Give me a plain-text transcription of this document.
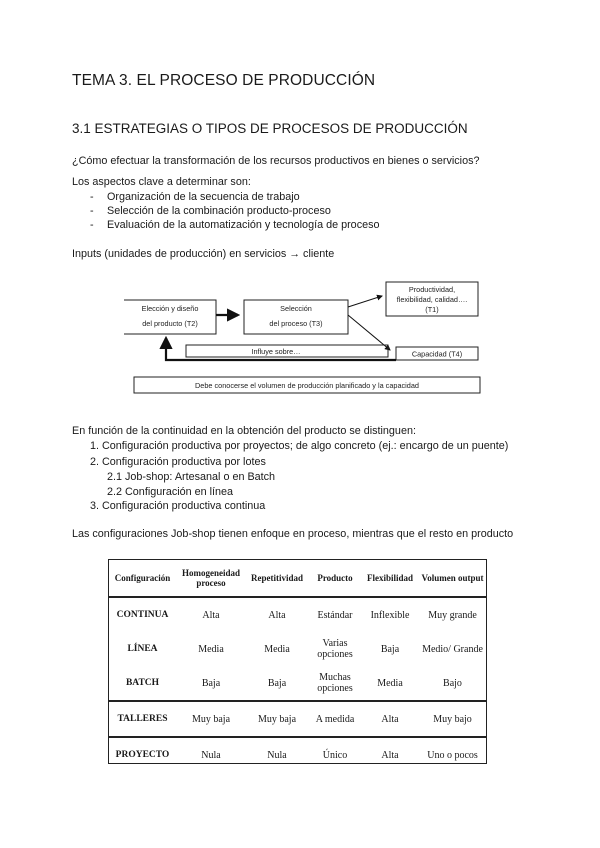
TEMA 3. EL PROCESO DE PRODUCCIÓN
3.1 ESTRATEGIAS O TIPOS DE PROCESOS DE PRODUCCIÓN
¿Cómo efectuar la transformación de los recursos productivos en bienes o servicios?
Los aspectos clave a determinar son:
- Organización de la secuencia de trabajo
- Selección de la combinación producto-proceso
- Evaluación de la automatización y tecnología de proceso
Inputs (unidades de producción) en servicios → cliente
Elección y diseño
del producto (T2)
Selección
del proceso (T3)
Productividad,
flexibilidad, calidad….
(T1)
Capacidad (T4)
Influye sobre…
Debe conocerse el volumen de producción planificado y la capacidad
En función de la continuidad en la obtención del producto se distinguen:
1. Configuración productiva por proyectos; de algo concreto (ej.: encargo de un puente)
2. Configuración productiva por lotes
2.1 Job-shop: Artesanal o en Batch
2.2 Configuración en línea
3. Configuración productiva continua
Las configuraciones Job-shop tienen enfoque en proceso, mientras que el resto en producto
Configuración	Homogeneidad proceso	Repetitividad	Producto	Flexibilidad	Volumen output
CONTINUA	Alta	Alta	Estándar	Inflexible	Muy grande
LÍNEA	Media	Media	Varias opciones	Baja	Medio/ Grande
BATCH	Baja	Baja	Muchas opciones	Media	Bajo
TALLERES	Muy baja	Muy baja	A medida	Alta	Muy bajo
PROYECTO	Nula	Nula	Único	Alta	Uno o pocos
